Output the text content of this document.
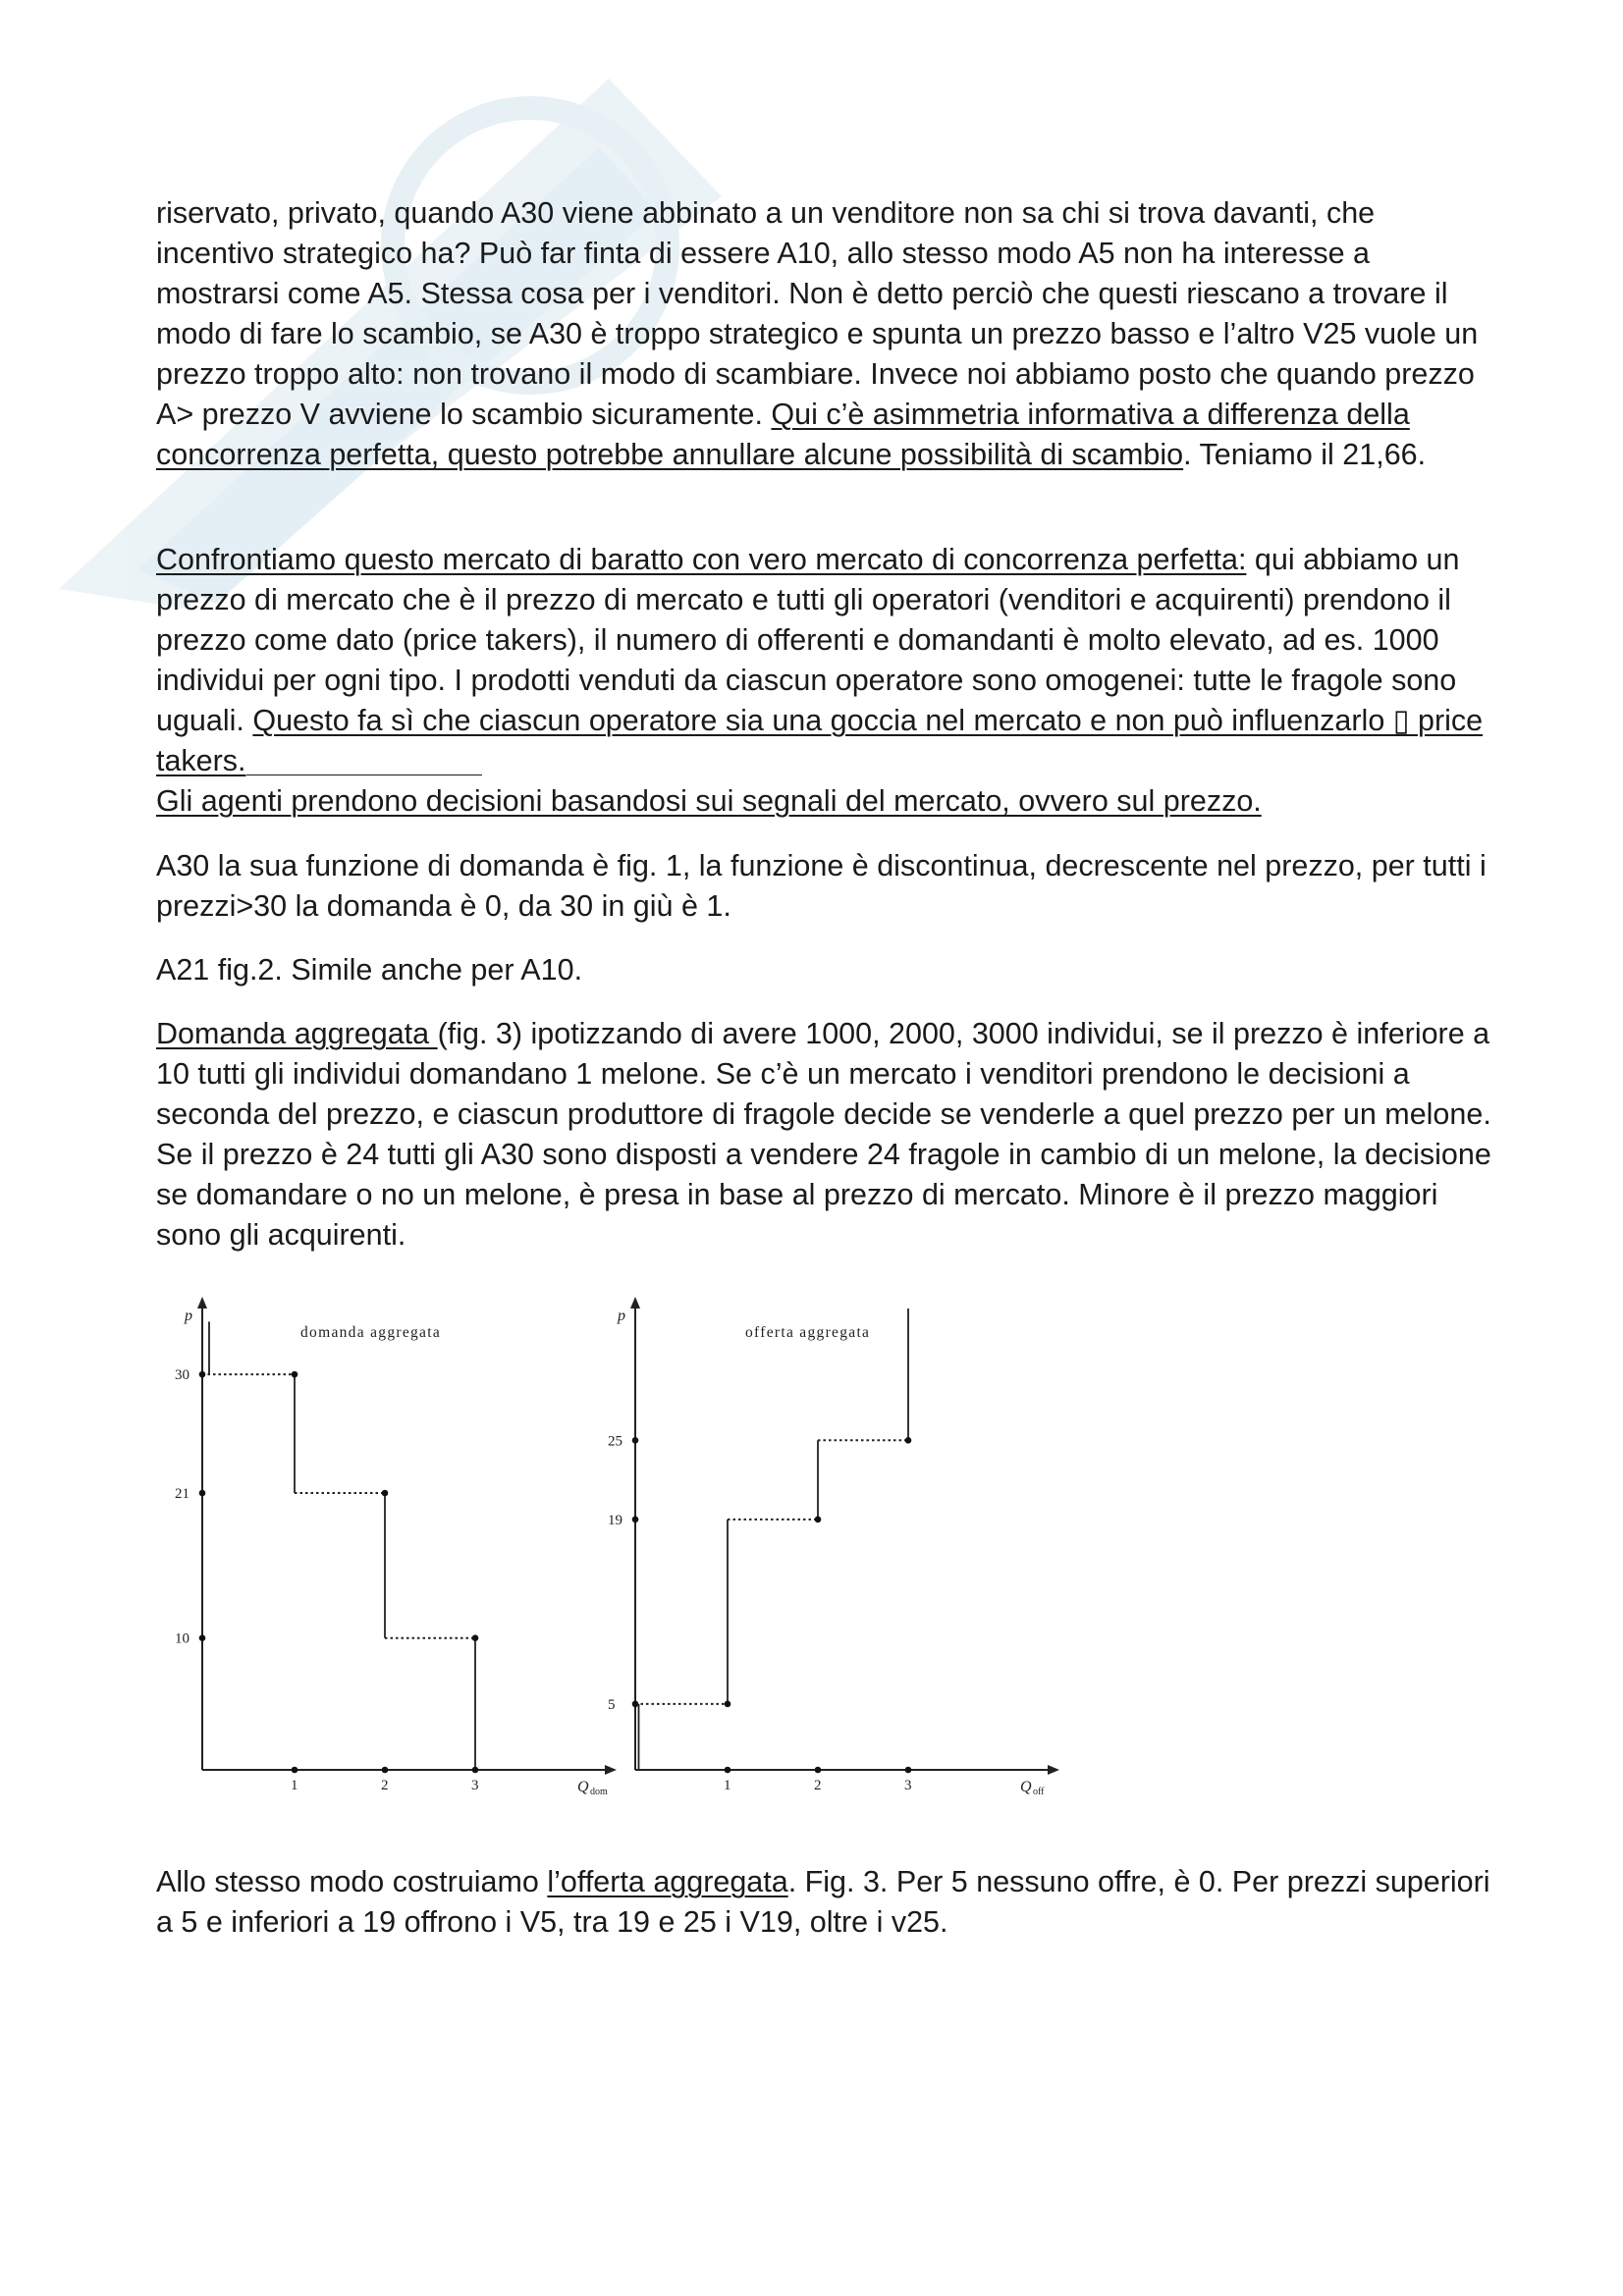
riservato, privato, quando A30 viene abbinato a un venditore non sa chi si trova davanti, che incentivo strategico ha? Può far finta di essere A10, allo stesso modo A5 non ha interesse a mostrarsi come A5. Stessa cosa per i venditori. Non è detto perciò che questi riescano a trovare il modo di fare lo scambio, se A30 è troppo strategico e spunta un prezzo basso e l’altro V25 vuole un prezzo troppo alto: non trovano il modo di scambiare. Invece noi abbiamo posto che quando prezzo A> prezzo V avviene lo scambio sicuramente. Qui c’è asimmetria informativa a differenza della concorrenza perfetta, questo potrebbe annullare alcune possibilità di scambio. Teniamo il 21,66.

Confrontiamo questo mercato di baratto con vero mercato di concorrenza perfetta: qui abbiamo un prezzo di mercato che è il prezzo di mercato e tutti gli operatori (venditori e acquirenti) prendono il prezzo come dato (price takers), il numero di offerenti e domandanti è molto elevato, ad es. 1000 individui per ogni tipo. I prodotti venduti da ciascun operatore sono omogenei: tutte le fragole sono uguali. Questo fa sì che ciascun operatore sia una goccia nel mercato e non può influenzarlo ▯ price takers.
Gli agenti prendono decisioni basandosi sui segnali del mercato, ovvero sul prezzo.

A30 la sua funzione di domanda è fig. 1, la funzione è discontinua, decrescente nel prezzo, per tutti i prezzi>30 la domanda è 0, da 30 in giù è 1.

A21 fig.2. Simile anche per A10.

Domanda aggregata (fig. 3) ipotizzando di avere 1000, 2000, 3000 individui, se il prezzo è inferiore a 10 tutti gli individui domandano 1 melone. Se c’è un mercato i venditori prendono le decisioni a seconda del prezzo, e ciascun produttore di fragole decide se venderle a quel prezzo per un melone. Se il prezzo è 24 tutti gli A30 sono disposti a vendere 24 fragole in cambio di un melone, la decisione se domandare o no un melone, è presa in base al prezzo di mercato. Minore è il prezzo maggiori sono gli acquirenti.

p
Q dom
domanda aggregata
1	2	3
30
21
10
p
Q off
offerta aggregata
1	2	3
25
19
5

Allo stesso modo costruiamo l’offerta aggregata. Fig. 3. Per 5 nessuno offre, è 0. Per prezzi superiori a 5 e inferiori a 19 offrono i V5, tra 19 e 25 i V19, oltre i v25.
